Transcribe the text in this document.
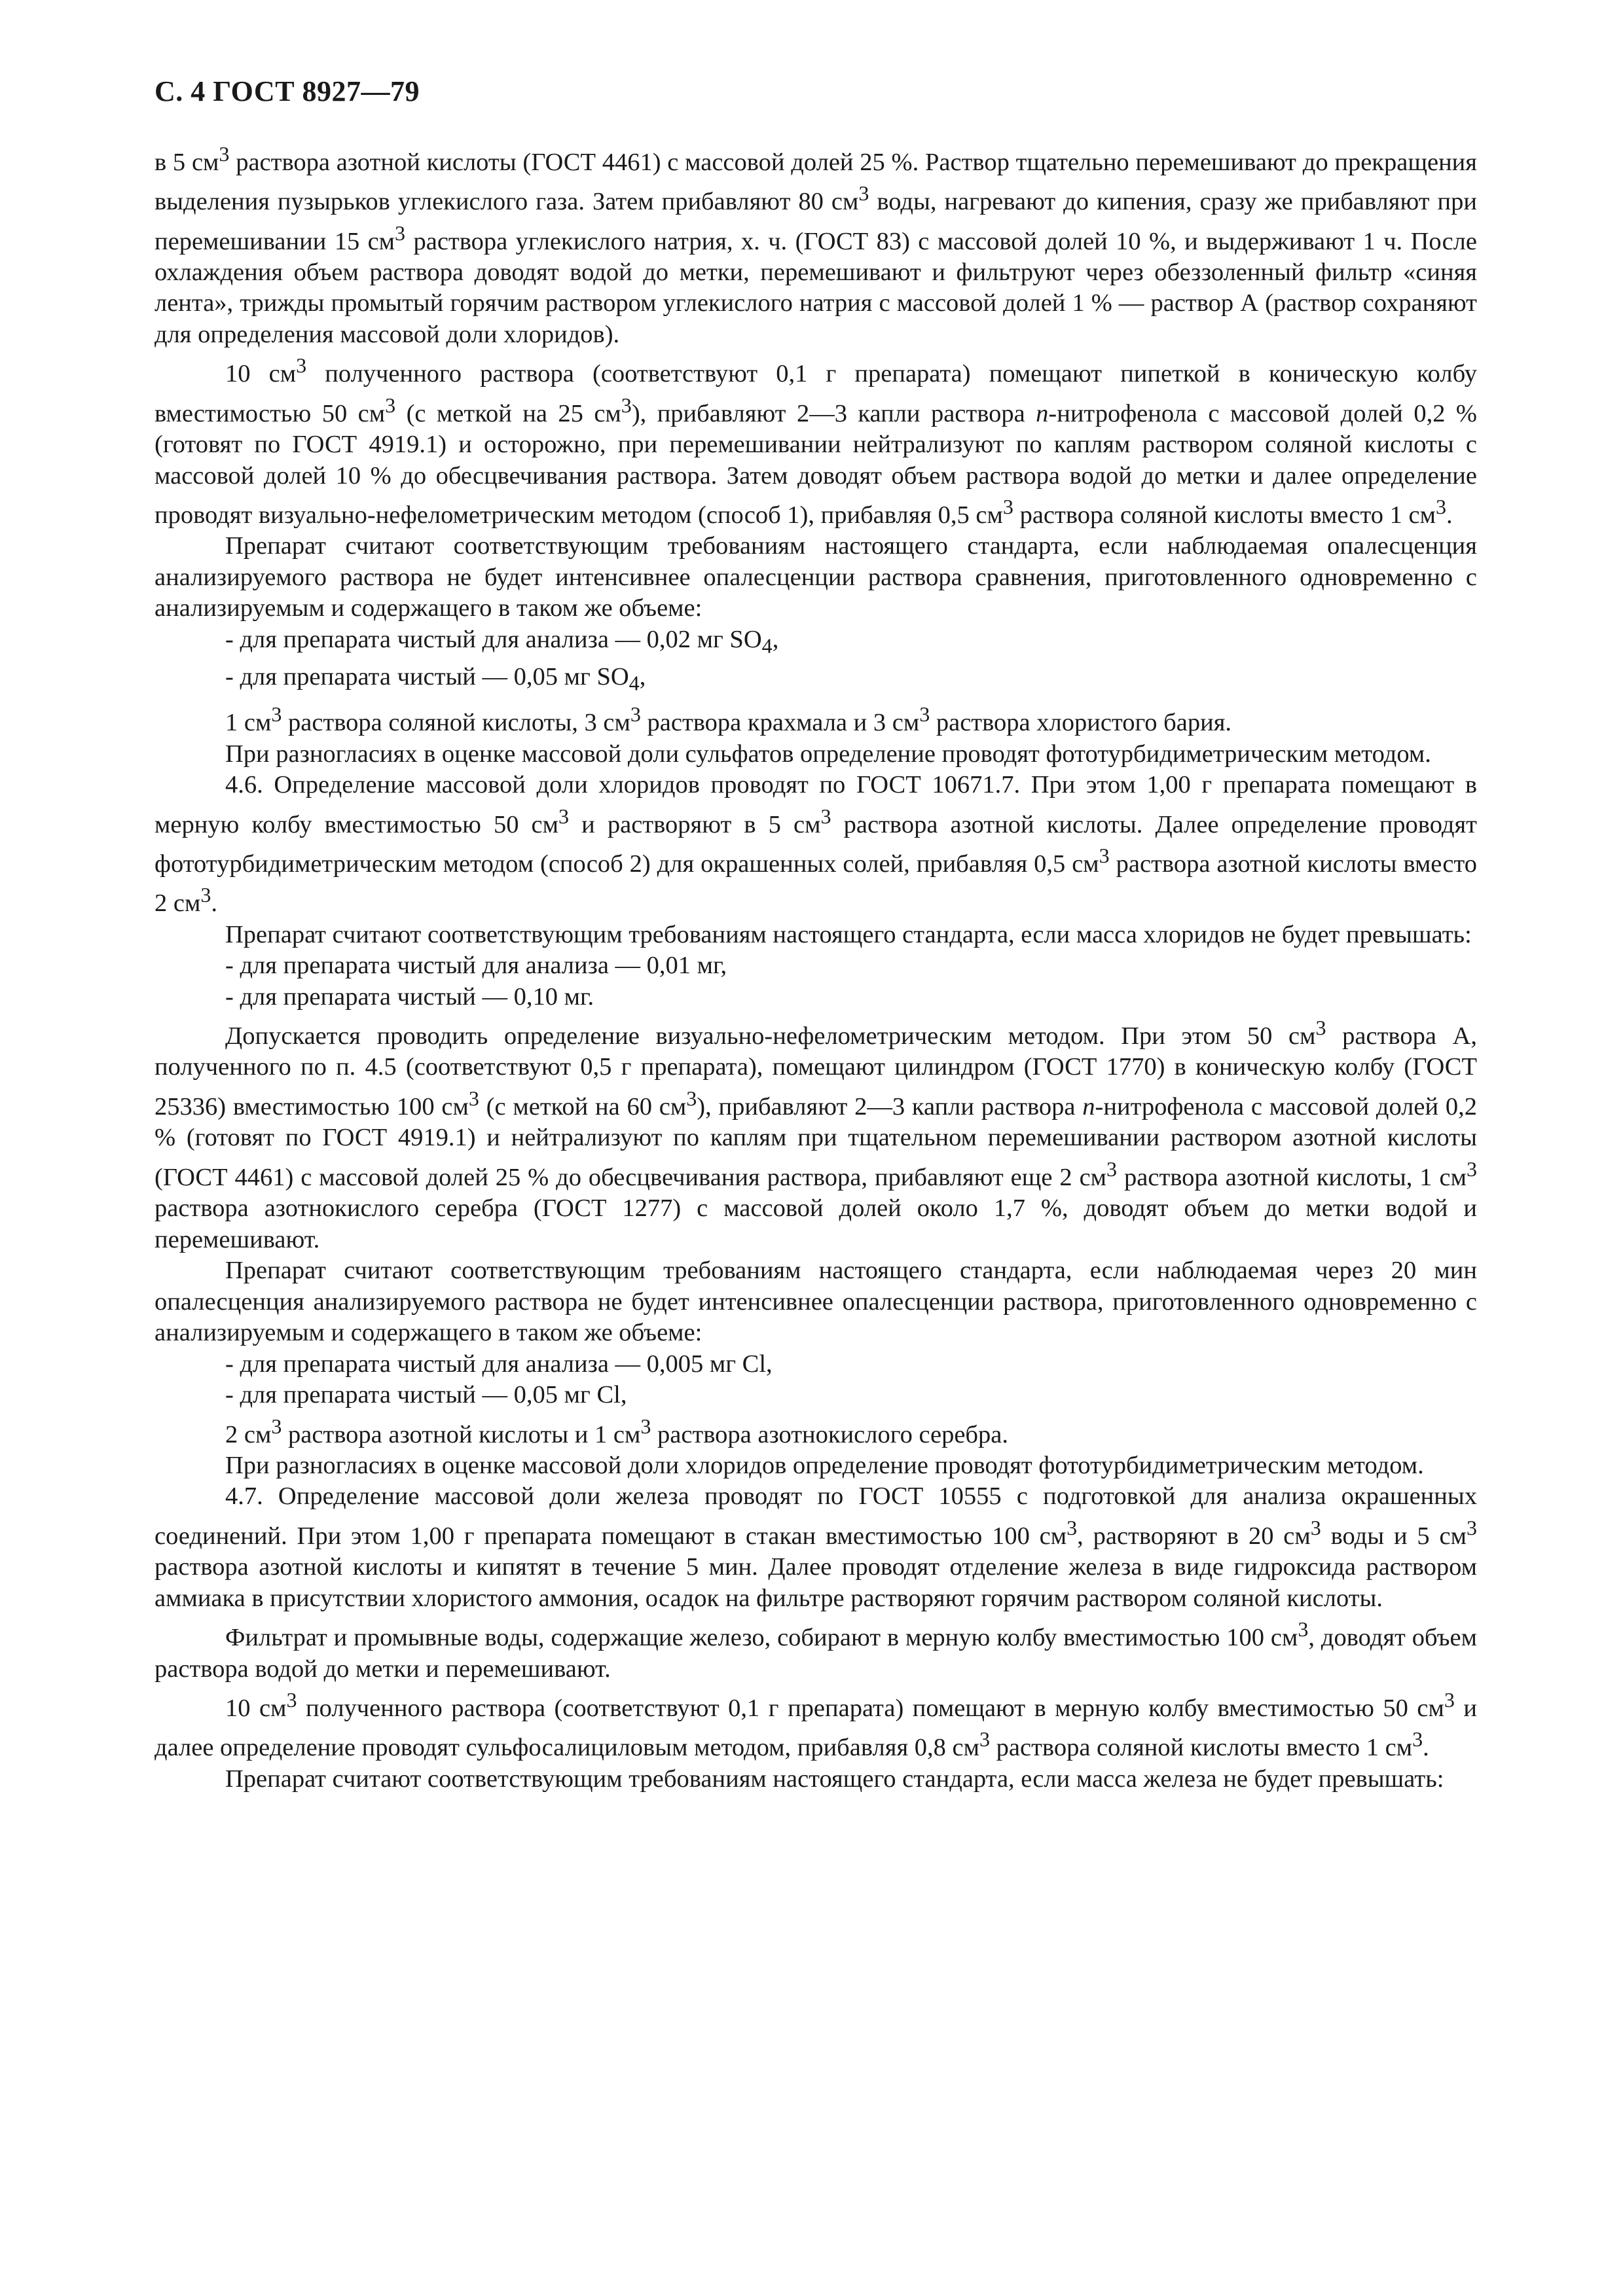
С. 4 ГОСТ 8927—79

в 5 $см^3$ раствора азотной кислоты (ГОСТ 4461) с массовой долей 25 %. Раствор тщательно перемешивают до прекращения выделения пузырьков углекислого газа. Затем прибавляют 80 $см^3$ воды, нагревают до кипения, сразу же прибавляют при перемешивании 15 $см^3$ раствора углекислого натрия, х. ч. (ГОСТ 83) с массовой долей 10 %, и выдерживают 1 ч. После охлаждения объем раствора доводят водой до метки, перемешивают и фильтруют через обеззоленный фильтр «синяя лента», трижды промытый горячим раствором углекислого натрия с массовой долей 1 % — раствор А (раствор сохраняют для определения массовой доли хлоридов).

10 $см^3$ полученного раствора (соответствуют 0,1 г препарата) помещают пипеткой в коническую колбу вместимостью 50 $см^3$ (с меткой на 25 $см^3$), прибавляют 2—3 капли раствора п-нитрофенола с массовой долей 0,2 % (готовят по ГОСТ 4919.1) и осторожно, при перемешивании нейтрализуют по каплям раствором соляной кислоты с массовой долей 10 % до обесцвечивания раствора. Затем доводят объем раствора водой до метки и далее определение проводят визуально-нефелометрическим методом (способ 1), прибавляя 0,5 $см^3$ раствора соляной кислоты вместо 1 $см^3$.

Препарат считают соответствующим требованиям настоящего стандарта, если наблюдаемая опалесценция анализируемого раствора не будет интенсивнее опалесценции раствора сравнения, приготовленного одновременно с анализируемым и содержащего в таком же объеме:

- для препарата чистый для анализа — 0,02 мг $SO_4$,

- для препарата чистый — 0,05 мг $SO_4$,

1 $см^3$ раствора соляной кислоты, 3 $см^3$ раствора крахмала и 3 $см^3$ раствора хлористого бария.

При разногласиях в оценке массовой доли сульфатов определение проводят фототурбидиметрическим методом.

4.6. Определение массовой доли хлоридов проводят по ГОСТ 10671.7. При этом 1,00 г препарата помещают в мерную колбу вместимостью 50 $см^3$ и растворяют в 5 $см^3$ раствора азотной кислоты. Далее определение проводят фототурбидиметрическим методом (способ 2) для окрашенных солей, прибавляя 0,5 $см^3$ раствора азотной кислоты вместо 2 $см^3$.

Препарат считают соответствующим требованиям настоящего стандарта, если масса хлоридов не будет превышать:

- для препарата чистый для анализа — 0,01 мг,

- для препарата чистый — 0,10 мг.

Допускается проводить определение визуально-нефелометрическим методом. При этом 50 $см^3$ раствора А, полученного по п. 4.5 (соответствуют 0,5 г препарата), помещают цилиндром (ГОСТ 1770) в коническую колбу (ГОСТ 25336) вместимостью 100 $см^3$ (с меткой на 60 $см^3$), прибавляют 2—3 капли раствора п-нитрофенола с массовой долей 0,2 % (готовят по ГОСТ 4919.1) и нейтрализуют по каплям при тщательном перемешивании раствором азотной кислоты (ГОСТ 4461) с массовой долей 25 % до обесцвечивания раствора, прибавляют еще 2 $см^3$ раствора азотной кислоты, 1 $см^3$ раствора азотнокислого серебра (ГОСТ 1277) с массовой долей около 1,7 %, доводят объем до метки водой и перемешивают.

Препарат считают соответствующим требованиям настоящего стандарта, если наблюдаемая через 20 мин опалесценция анализируемого раствора не будет интенсивнее опалесценции раствора, приготовленного одновременно с анализируемым и содержащего в таком же объеме:

- для препарата чистый для анализа — 0,005 мг Cl,

- для препарата чистый — 0,05 мг Cl,

2 $см^3$ раствора азотной кислоты и 1 $см^3$ раствора азотнокислого серебра.

При разногласиях в оценке массовой доли хлоридов определение проводят фототурбидиметрическим методом.

4.7. Определение массовой доли железа проводят по ГОСТ 10555 с подготовкой для анализа окрашенных соединений. При этом 1,00 г препарата помещают в стакан вместимостью 100 $см^3$, растворяют в 20 $см^3$ воды и 5 $см^3$ раствора азотной кислоты и кипятят в течение 5 мин. Далее проводят отделение железа в виде гидроксида раствором аммиака в присутствии хлористого аммония, осадок на фильтре растворяют горячим раствором соляной кислоты.

Фильтрат и промывные воды, содержащие железо, собирают в мерную колбу вместимостью 100 $см^3$, доводят объем раствора водой до метки и перемешивают.

10 $см^3$ полученного раствора (соответствуют 0,1 г препарата) помещают в мерную колбу вместимостью 50 $см^3$ и далее определение проводят сульфосалициловым методом, прибавляя 0,8 $см^3$ раствора соляной кислоты вместо 1 $см^3$.

Препарат считают соответствующим требованиям настоящего стандарта, если масса железа не будет превышать:
